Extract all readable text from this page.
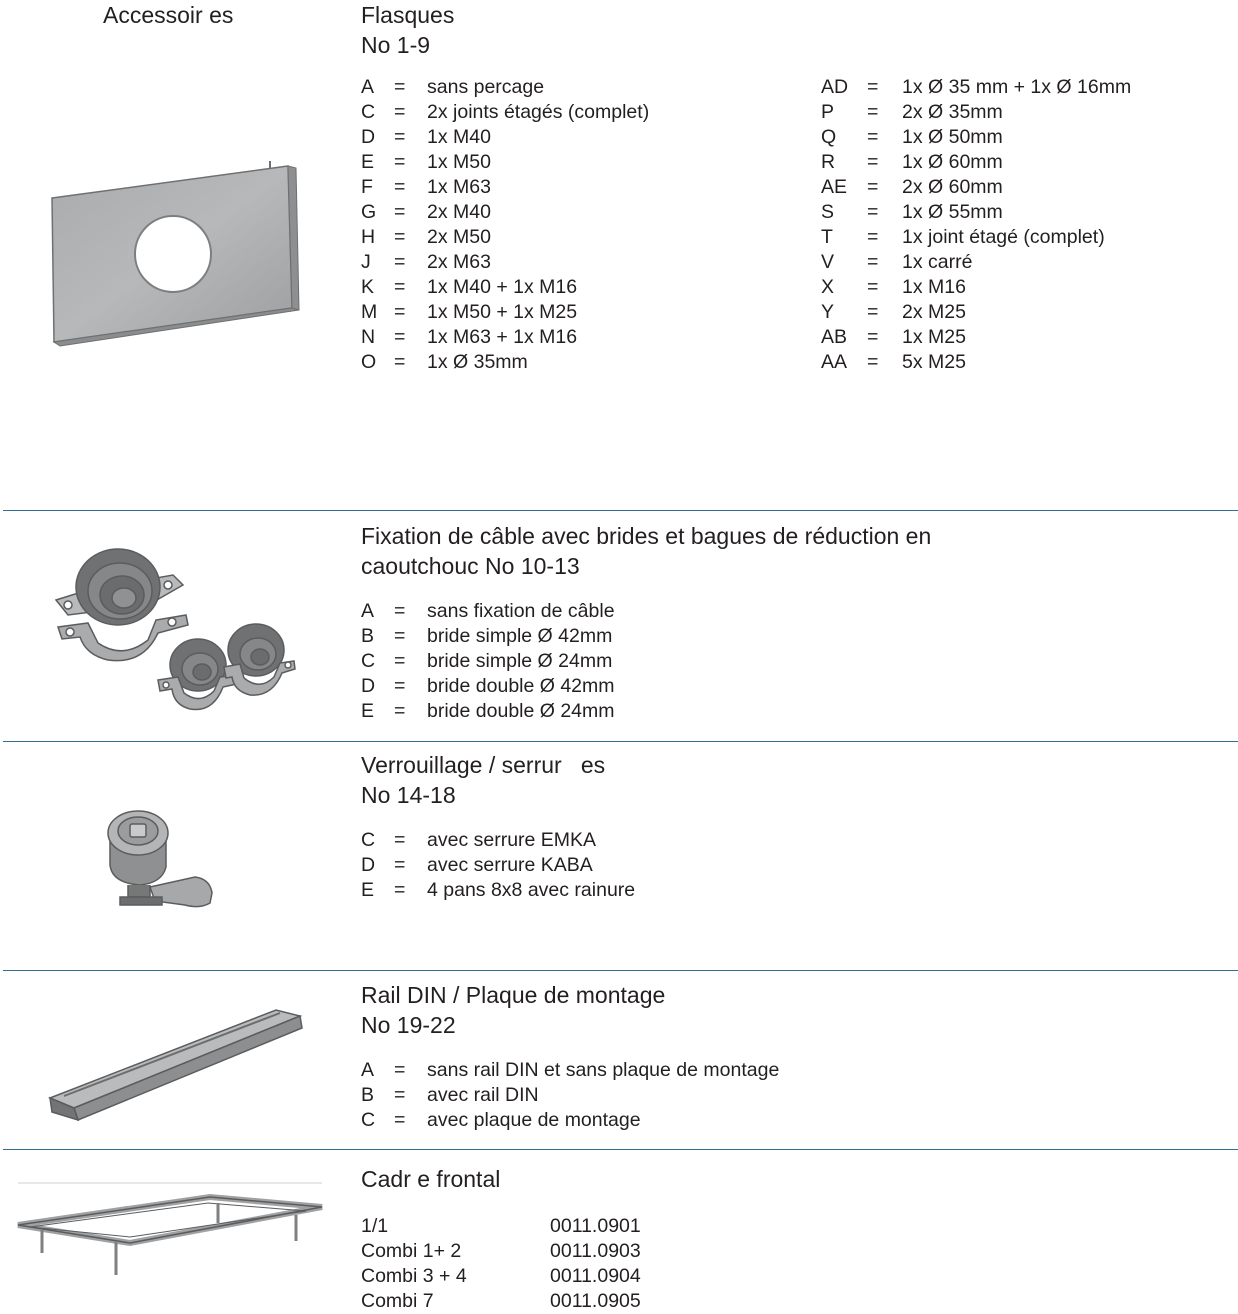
Accessoir es	Flasques
No 1-9
A = sans percage
C = 2x joints étagés (complet)
D = 1x M40
E = 1x M50
F = 1x M63
G = 2x M40
H = 2x M50
J = 2x M63
K = 1x M40 + 1x M16
M = 1x M50 + 1x M25
N = 1x M63 + 1x M16
O = 1x Ø 35mm
AD = 1x Ø 35 mm + 1x Ø 16mm
P = 2x Ø 35mm
Q = 1x Ø 50mm
R = 1x Ø 60mm
AE = 2x Ø 60mm
S = 1x Ø 55mm
T = 1x joint étagé (complet)
V = 1x carré
X = 1x M16
Y = 2x M25
AB = 1x M25
AA = 5x M25
Fixation de câble avec brides et bagues de réduction en
caoutchouc No 10-13
A = sans fixation de câble
B = bride simple Ø 42mm
C = bride simple Ø 24mm
D = bride double Ø 42mm
E = bride double Ø 24mm
Verrouillage / serrur   es
No 14-18
C = avec serrure EMKA
D = avec serrure KABA
E = 4 pans 8x8 avec rainure
Rail DIN / Plaque de montage
No 19-22
A = sans rail DIN et sans plaque de montage
B = avec rail DIN
C = avec plaque de montage
Cadr e frontal
1/1	0011.0901
Combi 1+ 2	0011.0903
Combi 3 + 4	0011.0904
Combi 7	0011.0905
